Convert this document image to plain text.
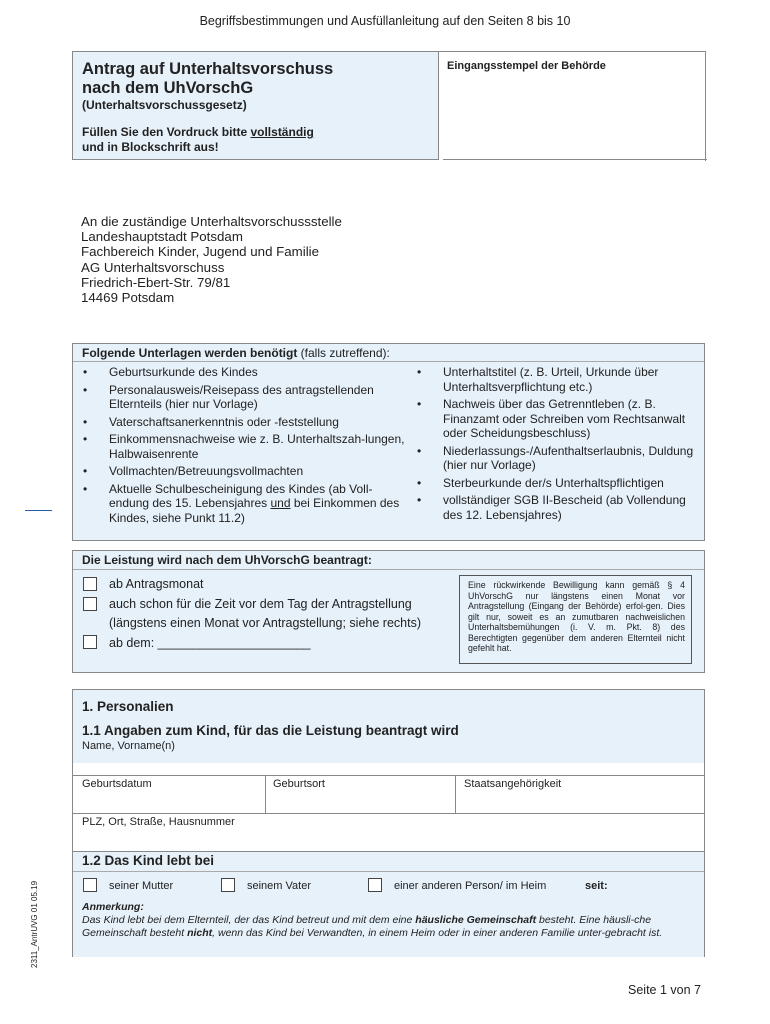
Begriffsbestimmungen und Ausfüllanleitung auf den Seiten 8 bis 10
Antrag auf Unterhaltsvorschuss
nach dem UhVorschG
(Unterhaltsvorschussgesetz)
Füllen Sie den Vordruck bitte vollständig
und in Blockschrift aus!
Eingangsstempel der Behörde
An die zuständige Unterhaltsvorschussstelle
Landeshauptstadt Potsdam
Fachbereich Kinder, Jugend und Familie
AG Unterhaltsvorschuss
Friedrich-Ebert-Str. 79/81
14469 Potsdam
Folgende Unterlagen werden benötigt (falls zutreffend):
• Geburtsurkunde des Kindes
• Personalausweis/Reisepass des antragstellenden Elternteils (hier nur Vorlage)
• Vaterschaftsanerkenntnis oder -feststellung
• Einkommensnachweise wie z. B. Unterhaltszah-lungen, Halbwaisenrente
• Vollmachten/Betreuungsvollmachten
• Aktuelle Schulbescheinigung des Kindes (ab Voll-endung des 15. Lebensjahres und bei Einkommen des Kindes, siehe Punkt 11.2)
• Unterhaltstitel (z. B. Urteil, Urkunde über Unterhaltsverpflichtung etc.)
• Nachweis über das Getrenntleben (z. B. Finanzamt oder Schreiben vom Rechtsanwalt oder Scheidungsbeschluss)
• Niederlassungs-/Aufenthaltserlaubnis, Duldung (hier nur Vorlage)
• Sterbeurkunde der/s Unterhaltspflichtigen
• vollständiger SGB II-Bescheid (ab Vollendung des 12. Lebensjahres)
Die Leistung wird nach dem UhVorschG beantragt:
ab Antragsmonat
auch schon für die Zeit vor dem Tag der Antragstellung
(längstens einen Monat vor Antragstellung; siehe rechts)
ab dem: ______________________
Eine rückwirkende Bewilligung kann gemäß § 4 UhVorschG nur längstens einen Monat vor Antragstellung (Eingang der Behörde) erfol-gen. Dies gilt nur, soweit es an zumutbaren nachweislichen Unterhaltsbemühungen (i. V. m. Pkt. 8) des Berechtigten gegenüber dem anderen Elternteil nicht gefehlt hat.
1. Personalien
1.1 Angaben zum Kind, für das die Leistung beantragt wird
Name, Vorname(n)
Geburtsdatum	Geburtsort	Staatsangehörigkeit
PLZ, Ort, Straße, Hausnummer
1.2 Das Kind lebt bei
seiner Mutter	seinem Vater	einer anderen Person/ im Heim	seit:
Anmerkung:
Das Kind lebt bei dem Elternteil, der das Kind betreut und mit dem eine häusliche Gemeinschaft besteht. Eine häusli-che Gemeinschaft besteht nicht, wenn das Kind bei Verwandten, in einem Heim oder in einer anderen Familie unter-gebracht ist.
2311_AntrUVG 01 05.19
Seite 1 von 7
